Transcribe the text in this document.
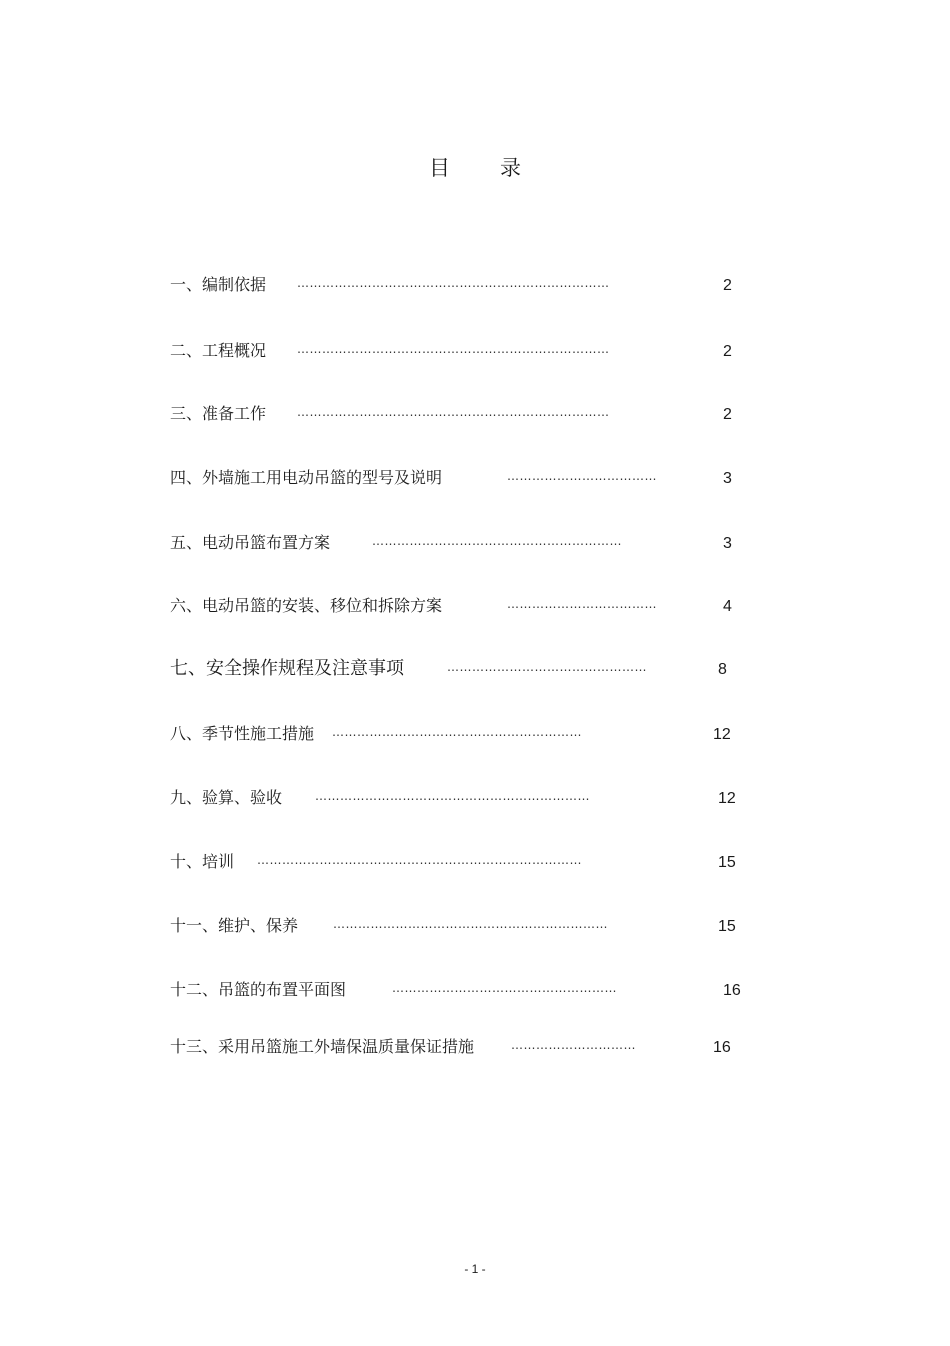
目 录
一、编制依据	…………………………………………………………………	2
二、工程概况	…………………………………………………………………	2
三、准备工作	…………………………………………………………………	2
四、外墙施工用电动吊篮的型号及说明	………………………………	3
五、电动吊篮布置方案	……………………………………………………	3
六、电动吊篮的安装、移位和拆除方案	………………………………	4
七、安全操作规程及注意事项	…………………………………………	8
八、季节性施工措施 ……………………………………………………	12
九、验算、验收	…………………………………………………………	12
十、培训 ……………………………………………………………………	15
十一、维护、保养	…………………………………………………………	15
十二、吊篮的布置平面图	………………………………………………	16
十三、采用吊篮施工外墙保温质量保证措施	…………………………	16
- 1 -
